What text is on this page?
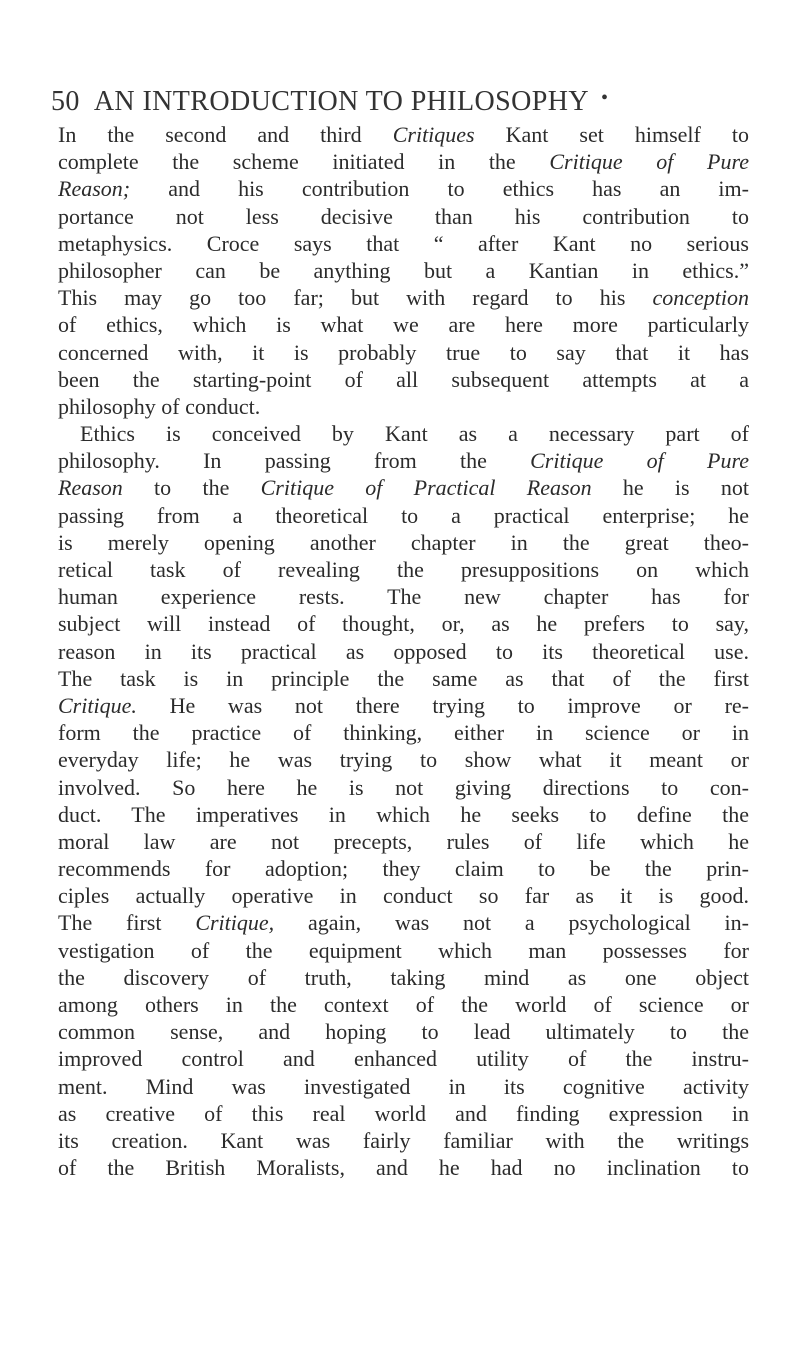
50 AN INTRODUCTION TO PHILOSOPHY •
In the second and third Critiques Kant set himself to
complete the scheme initiated in the Critique of Pure
Reason; and his contribution to ethics has an im-
portance not less decisive than his contribution to
metaphysics. Croce says that “ after Kant no serious
philosopher can be anything but a Kantian in ethics.”
This may go too far; but with regard to his conception
of ethics, which is what we are here more particularly
concerned with, it is probably true to say that it has
been the starting-point of all subsequent attempts at a
philosophy of conduct.
Ethics is conceived by Kant as a necessary part of
philosophy. In passing from the Critique of Pure
Reason to the Critique of Practical Reason he is not
passing from a theoretical to a practical enterprise; he
is merely opening another chapter in the great theo-
retical task of revealing the presuppositions on which
human experience rests. The new chapter has for
subject will instead of thought, or, as he prefers to say,
reason in its practical as opposed to its theoretical use.
The task is in principle the same as that of the first
Critique. He was not there trying to improve or re-
form the practice of thinking, either in science or in
everyday life; he was trying to show what it meant or
involved. So here he is not giving directions to con-
duct. The imperatives in which he seeks to define the
moral law are not precepts, rules of life which he
recommends for adoption; they claim to be the prin-
ciples actually operative in conduct so far as it is good.
The first Critique, again, was not a psychological in-
vestigation of the equipment which man possesses for
the discovery of truth, taking mind as one object
among others in the context of the world of science or
common sense, and hoping to lead ultimately to the
improved control and enhanced utility of the instru-
ment. Mind was investigated in its cognitive activity
as creative of this real world and finding expression in
its creation. Kant was fairly familiar with the writings
of the British Moralists, and he had no inclination to
